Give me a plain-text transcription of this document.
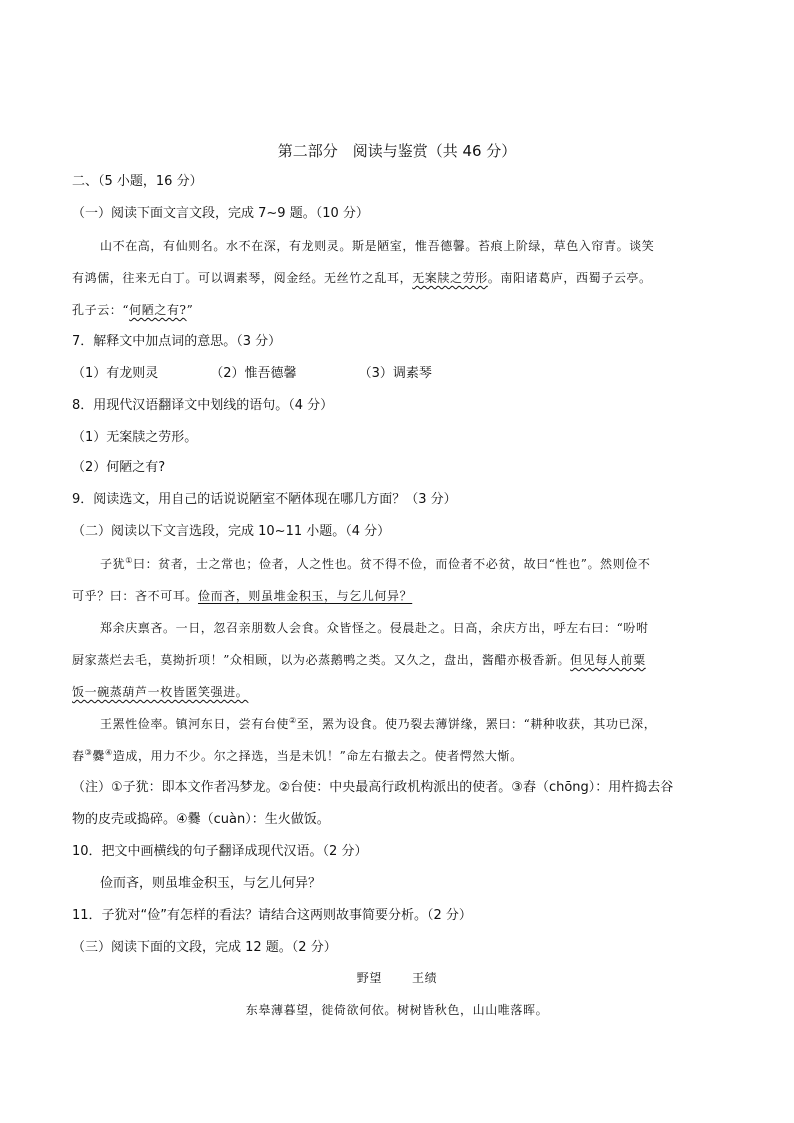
第二部分　阅读与鉴赏（共 46 分）
二、（5 小题，16 分）
（一）阅读下面文言文段，完成 7~9 题。（10 分）
山不在高，有仙则名。水不在深，有龙则灵。斯是陋室，惟吾德馨。苔痕上阶绿，草色入帘青。谈笑
有鸿儒，往来无白丁。可以调素琴，阅金经。无丝竹之乱耳，无案牍之劳形。南阳诸葛庐，西蜀子云亭。
孔子云：“何陋之有?”
7．解释文中加点词的意思。（3 分）
（1）有龙则灵	（2）惟吾德馨	（3）调素琴
8．用现代汉语翻译文中划线的语句。（4 分）
（1）无案牍之劳形。
（2）何陋之有?
9．阅读选文，用自己的话说说陋室不陋体现在哪几方面？（3 分）
（二）阅读以下文言选段，完成 10~11 小题。（4 分）
子犹①曰：贫者，士之常也；俭者，人之性也。贫不得不俭，而俭者不必贫，故曰“性也”。然则俭不
可乎？曰：吝不可耳。俭而吝，则虽堆金积玉，与乞儿何异？
郑余庆禀吝。一日，忽召亲朋数人会食。众皆怪之。侵晨赴之。日高，余庆方出，呼左右曰：“吩咐
厨家蒸烂去毛，莫拗折项！”众相顾，以为必蒸鹅鸭之类。又久之，盘出，酱醋亦极香新。但见每人前粟
饭一碗蒸葫芦一枚皆匿笑强进。
王罴性俭率。镇河东日，尝有台使②至，罴为设食。使乃裂去薄饼缘，罴曰：“耕种收获，其功已深，
舂③爨④造成，用力不少。尔之择选，当是未饥！”命左右撤去之。使者愕然大惭。
（注）①子犹：即本文作者冯梦龙。②台使：中央最高行政机构派出的使者。③舂（chōng）：用杵捣去谷
物的皮壳或捣碎。④爨（cuàn）：生火做饭。
10．把文中画横线的句子翻译成现代汉语。（2 分）
俭而吝，则虽堆金积玉，与乞儿何异？
11．子犹对“俭”有怎样的看法？请结合这两则故事简要分析。（2 分）
（三）阅读下面的文段，完成 12 题。（2 分）
野望	王绩
东皋薄暮望，徙倚欲何依。树树皆秋色，山山唯落晖。
